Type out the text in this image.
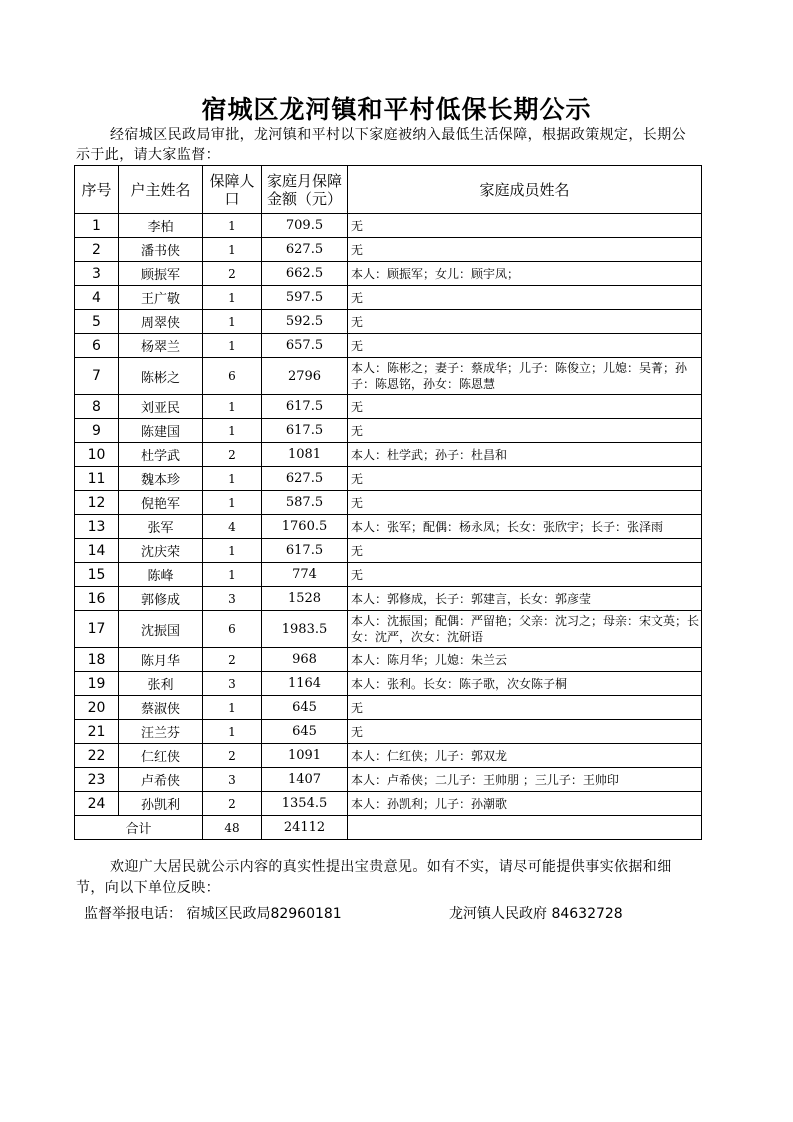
宿城区龙河镇和平村低保长期公示
经宿城区民政局审批，龙河镇和平村以下家庭被纳入最低生活保障，根据政策规定，长期公示于此，请大家监督：
序号	户主姓名	保障人口	家庭月保障金额（元）	家庭成员姓名
1	李柏	1	709.5	无
2	潘书侠	1	627.5	无
3	顾振军	2	662.5	本人：顾振军；女儿：顾宇凤；
4	王广敬	1	597.5	无
5	周翠侠	1	592.5	无
6	杨翠兰	1	657.5	无
7	陈彬之	6	2796	本人：陈彬之；妻子：蔡成华；儿子：陈俊立；儿媳：吴菁；孙子：陈恩铭，孙女：陈恩慧
8	刘亚民	1	617.5	无
9	陈建国	1	617.5	无
10	杜学武	2	1081	本人：杜学武；孙子：杜昌和
11	魏本珍	1	627.5	无
12	倪艳军	1	587.5	无
13	张军	4	1760.5	本人：张军；配偶：杨永凤；长女：张欣宇；长子：张泽雨
14	沈庆荣	1	617.5	无
15	陈峰	1	774	无
16	郭修成	3	1528	本人：郭修成，长子：郭建言，长女：郭彦莹
17	沈振国	6	1983.5	本人：沈振国；配偶：严留艳；父亲：沈习之；母亲：宋文英；长女：沈严，次女：沈研语
18	陈月华	2	968	本人：陈月华；儿媳：朱兰云
19	张利	3	1164	本人：张利。长女：陈子歌，次女陈子桐
20	蔡淑侠	1	645	无
21	汪兰芬	1	645	无
22	仁红侠	2	1091	本人：仁红侠；儿子：郭双龙
23	卢希侠	3	1407	本人：卢希侠；二儿子：王帅朋 ；三儿子：王帅印
24	孙凯利	2	1354.5	本人：孙凯利；儿子：孙潮歌
合计		48	24112	
欢迎广大居民就公示内容的真实性提出宝贵意见。如有不实，请尽可能提供事实依据和细节，向以下单位反映：
监督举报电话： 宿城区民政局82960181	龙河镇人民政府 84632728
